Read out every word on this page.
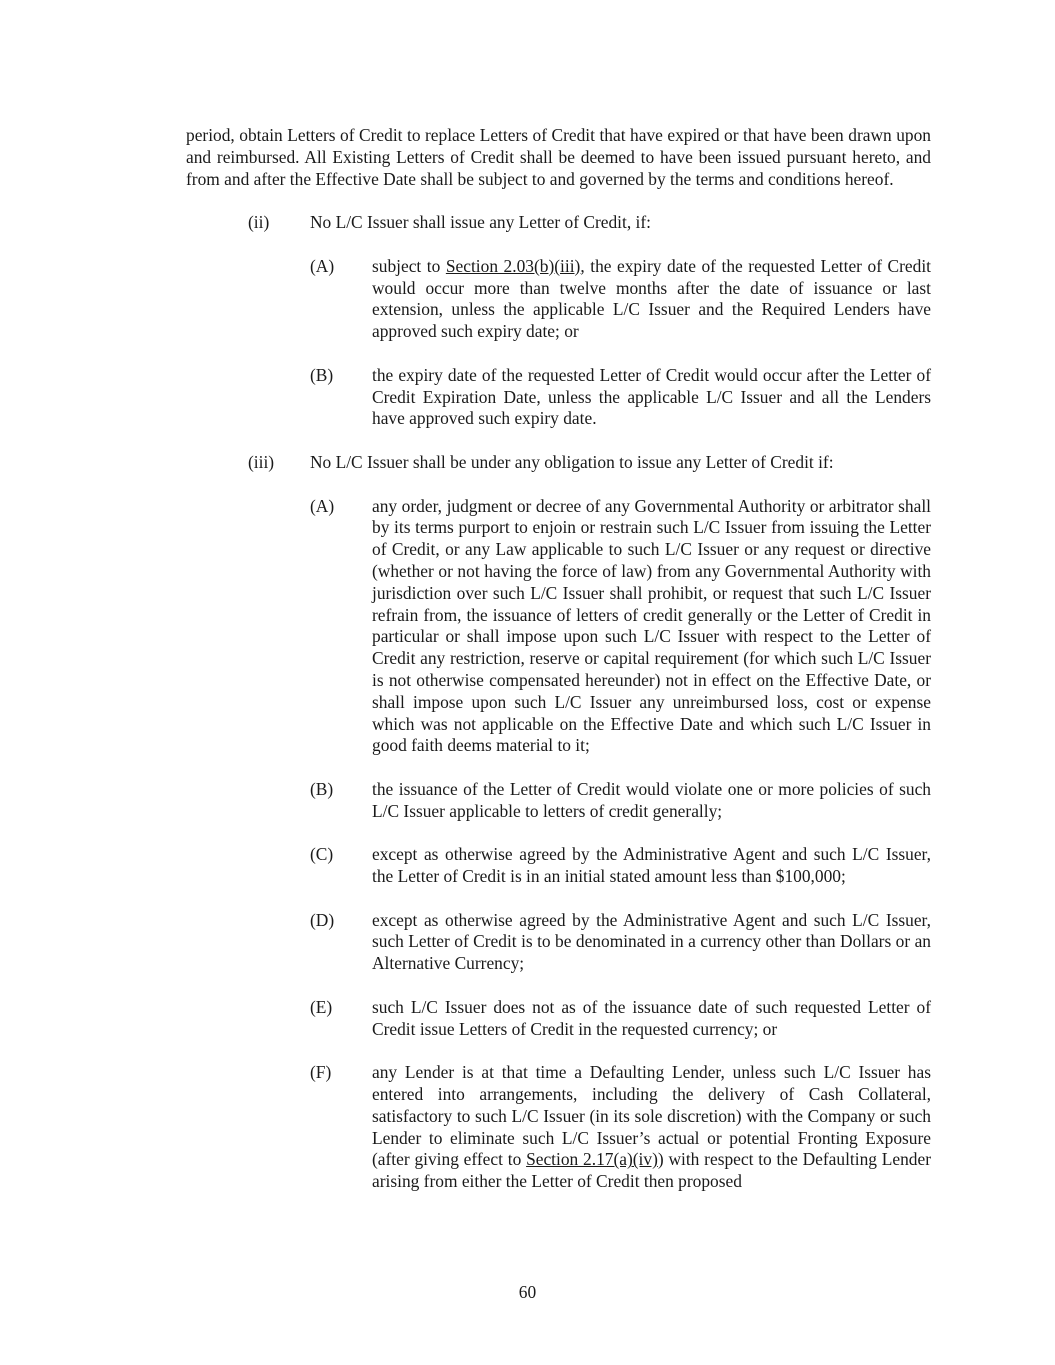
period, obtain Letters of Credit to replace Letters of Credit that have expired or that have been drawn upon and reimbursed. All Existing Letters of Credit shall be deemed to have been issued pursuant hereto, and from and after the Effective Date shall be subject to and governed by the terms and conditions hereof.

(ii) No L/C Issuer shall issue any Letter of Credit, if:
(A) subject to Section 2.03(b)(iii), the expiry date of the requested Letter of Credit would occur more than twelve months after the date of issuance or last extension, unless the applicable L/C Issuer and the Required Lenders have approved such expiry date; or
(B) the expiry date of the requested Letter of Credit would occur after the Letter of Credit Expiration Date, unless the applicable L/C Issuer and all the Lenders have approved such expiry date.
(iii) No L/C Issuer shall be under any obligation to issue any Letter of Credit if:
(A) any order, judgment or decree of any Governmental Authority or arbitrator shall by its terms purport to enjoin or restrain such L/C Issuer from issuing the Letter of Credit, or any Law applicable to such L/C Issuer or any request or directive (whether or not having the force of law) from any Governmental Authority with jurisdiction over such L/C Issuer shall prohibit, or request that such L/C Issuer refrain from, the issuance of letters of credit generally or the Letter of Credit in particular or shall impose upon such L/C Issuer with respect to the Letter of Credit any restriction, reserve or capital requirement (for which such L/C Issuer is not otherwise compensated hereunder) not in effect on the Effective Date, or shall impose upon such L/C Issuer any unreimbursed loss, cost or expense which was not applicable on the Effective Date and which such L/C Issuer in good faith deems material to it;
(B) the issuance of the Letter of Credit would violate one or more policies of such L/C Issuer applicable to letters of credit generally;
(C) except as otherwise agreed by the Administrative Agent and such L/C Issuer, the Letter of Credit is in an initial stated amount less than $100,000;
(D) except as otherwise agreed by the Administrative Agent and such L/C Issuer, such Letter of Credit is to be denominated in a currency other than Dollars or an Alternative Currency;
(E) such L/C Issuer does not as of the issuance date of such requested Letter of Credit issue Letters of Credit in the requested currency; or
(F) any Lender is at that time a Defaulting Lender, unless such L/C Issuer has entered into arrangements, including the delivery of Cash Collateral, satisfactory to such L/C Issuer (in its sole discretion) with the Company or such Lender to eliminate such L/C Issuer’s actual or potential Fronting Exposure (after giving effect to Section 2.17(a)(iv)) with respect to the Defaulting Lender arising from either the Letter of Credit then proposed
60
